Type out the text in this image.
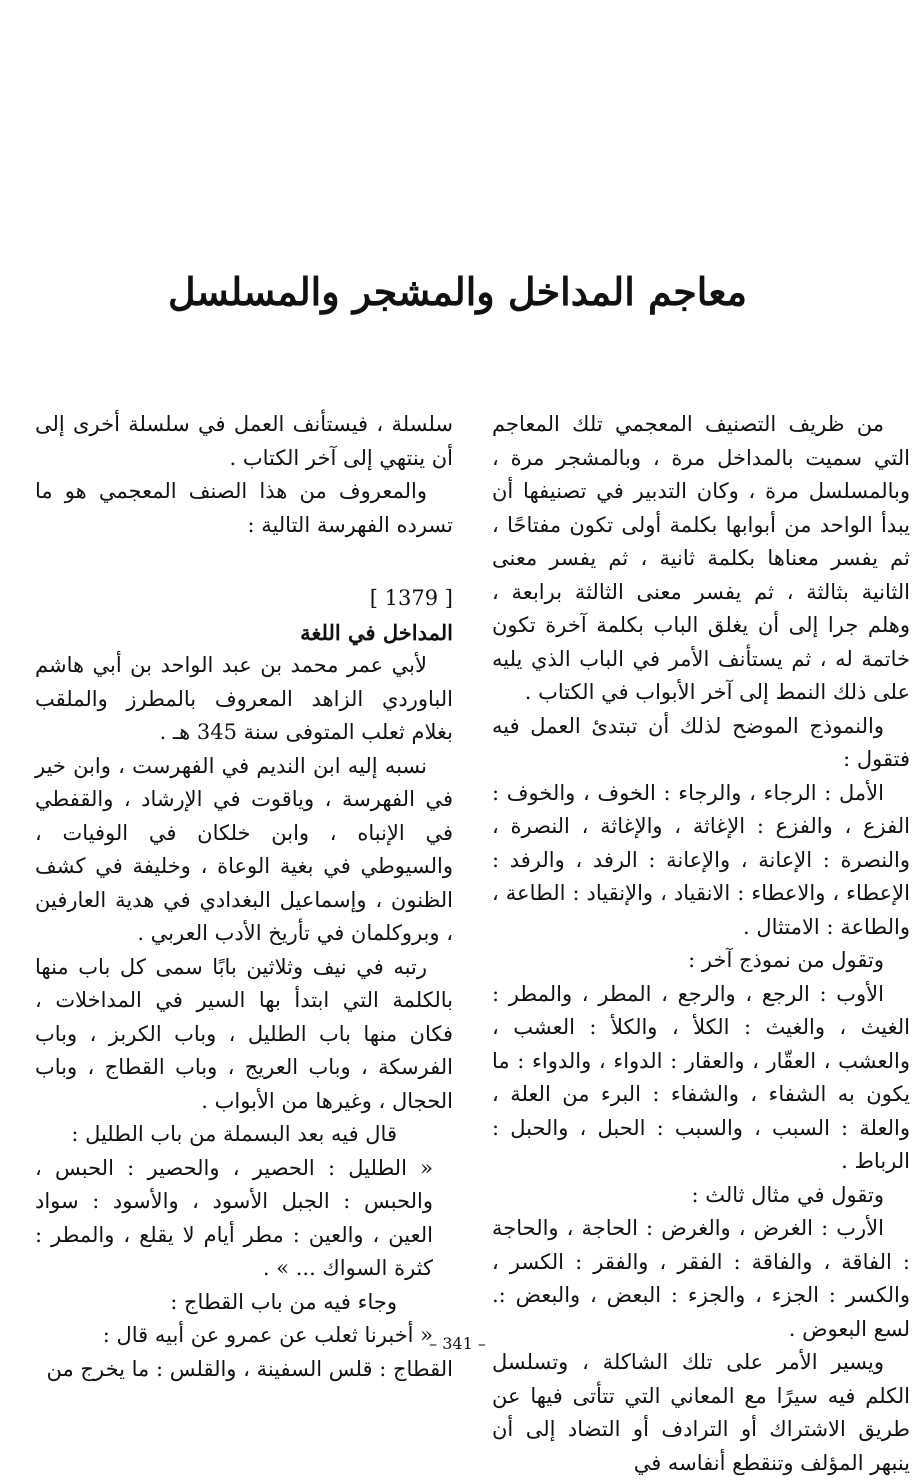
معاجم المداخل والمشجر والمسلسل

من ظريف التصنيف المعجمي تلك المعاجم التي سميت بالمداخل مرة ، وبالمشجر مرة ، وبالمسلسل مرة ، وكان التدبير في تصنيفها أن يبدأ الواحد من أبوابها بكلمة أولى تكون مفتاحًا ، ثم يفسر معناها بكلمة ثانية ، ثم يفسر معنى الثانية بثالثة ، ثم يفسر معنى الثالثة برابعة ، وهلم جرا إلى أن يغلق الباب بكلمة آخرة تكون خاتمة له ، ثم يستأنف الأمر في الباب الذي يليه على ذلك النمط إلى آخر الأبواب في الكتاب .

والنموذج الموضح لذلك أن تبتدئ العمل فيه فتقول :

الأمل : الرجاء ، والرجاء : الخوف ، والخوف : الفزع ، والفزع : الإغاثة ، والإغاثة ، النصرة ، والنصرة : الإعانة ، والإعانة : الرفد ، والرفد : الإعطاء ، والاعطاء : الانقياد ، والإنقياد : الطاعة ، والطاعة : الامتثال .

وتقول من نموذج آخر :

الأوب : الرجع ، والرجع ، المطر ، والمطر : الغيث ، والغيث : الكلأ ، والكلأ : العشب ، والعشب ، العقّار ، والعقار : الدواء ، والدواء : ما يكون به الشفاء ، والشفاء : البرء من العلة ، والعلة : السبب ، والسبب : الحبل ، والحبل : الرباط .

وتقول في مثال ثالث :

الأرب : الغرض ، والغرض : الحاجة ، والحاجة : الفاقة ، والفاقة : الفقر ، والفقر : الكسر ، والكسر : الجزء ، والجزء : البعض ، والبعض :. لسع البعوض .

ويسير الأمر على تلك الشاكلة ، وتسلسل الكلم فيه سيرًا مع المعاني التي تتأتى فيها عن طريق الاشتراك أو الترادف أو التضاد إلى أن ينبهر المؤلف وتنقطع أنفاسه في

سلسلة ، فيستأنف العمل في سلسلة أخرى إلى أن ينتهي إلى آخر الكتاب .

والمعروف من هذا الصنف المعجمي هو ما تسرده الفهرسة التالية :

[ 1379 ]

المداخل في اللغة

لأبي عمر محمد بن عبد الواحد بن أبي هاشم الباوردي الزاهد المعروف بالمطرز والملقب بغلام ثعلب المتوفى سنة 345 هـ .

نسبه إليه ابن النديم في الفهرست ، وابن خير في الفهرسة ، وياقوت في الإرشاد ، والقفطي في الإنباه ، وابن خلكان في الوفيات ، والسيوطي في بغية الوعاة ، وخليفة في كشف الظنون ، وإسماعيل البغدادي في هدية العارفين ، وبروكلمان في تأريخ الأدب العربي .

رتبه في نيف وثلاثين بابًا سمى كل باب منها بالكلمة التي ابتدأ بها السير في المداخلات ، فكان منها باب الطليل ، وباب الكربز ، وباب الفرسكة ، وباب العريج ، وباب القطاج ، وباب الحجال ، وغيرها من الأبواب .

قال فيه بعد البسملة من باب الطليل :

« الطليل : الحصير ، والحصير : الحبس ، والحبس : الجبل الأسود ، والأسود : سواد العين ، والعين : مطر أيام لا يقلع ، والمطر : كثرة السواك ... » .

وجاء فيه من باب القطاج :

« أخبرنا ثعلب عن عمرو عن أبيه قال :

القطاج : قلس السفينة ، والقلس : ما يخرج من

– 341 –
